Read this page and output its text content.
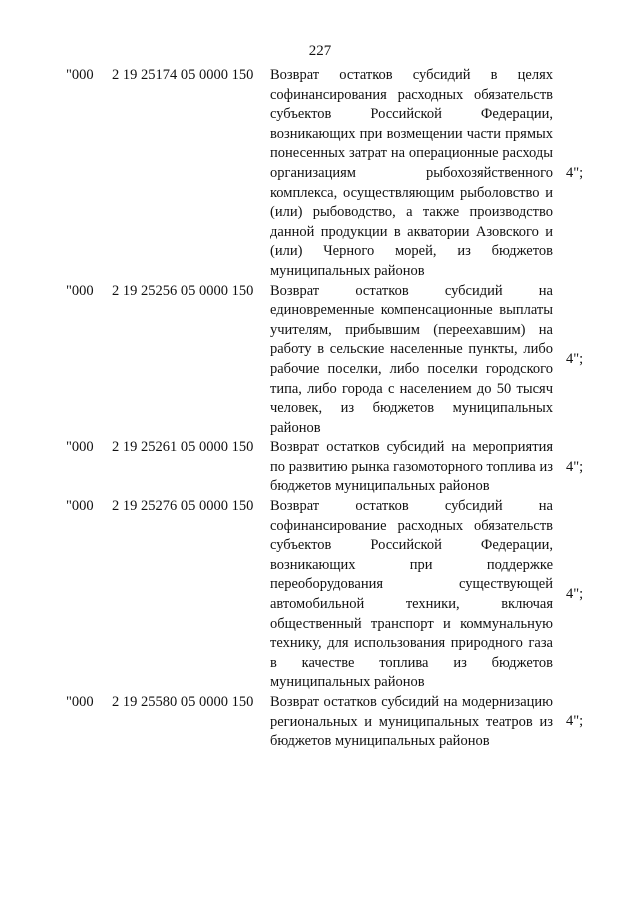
227
"000 2 19 25174 05 0000 150 Возврат остатков субсидий в целях софинансирования расходных обязательств субъектов Российской Федерации, возникающих при возмещении части прямых понесенных затрат на операционные расходы организациям рыбохозяйственного комплекса, осуществляющим рыболовство и (или) рыбоводство, а также производство данной продукции в акватории Азовского и (или) Черного морей, из бюджетов муниципальных районов
4";
"000 2 19 25256 05 0000 150 Возврат остатков субсидий на единовременные компенсационные выплаты учителям, прибывшим (переехавшим) на работу в сельские населенные пункты, либо рабочие поселки, либо поселки городского типа, либо города с населением до 50 тысяч человек, из бюджетов муниципальных районов
4";
"000 2 19 25261 05 0000 150 Возврат остатков субсидий на мероприятия по развитию рынка газомоторного топлива из бюджетов муниципальных районов
4";
"000 2 19 25276 05 0000 150 Возврат остатков субсидий на софинансирование расходных обязательств субъектов Российской Федерации, возникающих при поддержке переоборудования существующей автомобильной техники, включая общественный транспорт и коммунальную технику, для использования природного газа в качестве топлива из бюджетов муниципальных районов
4";
"000 2 19 25580 05 0000 150 Возврат остатков субсидий на модернизацию региональных и муниципальных театров из бюджетов муниципальных районов
4";
